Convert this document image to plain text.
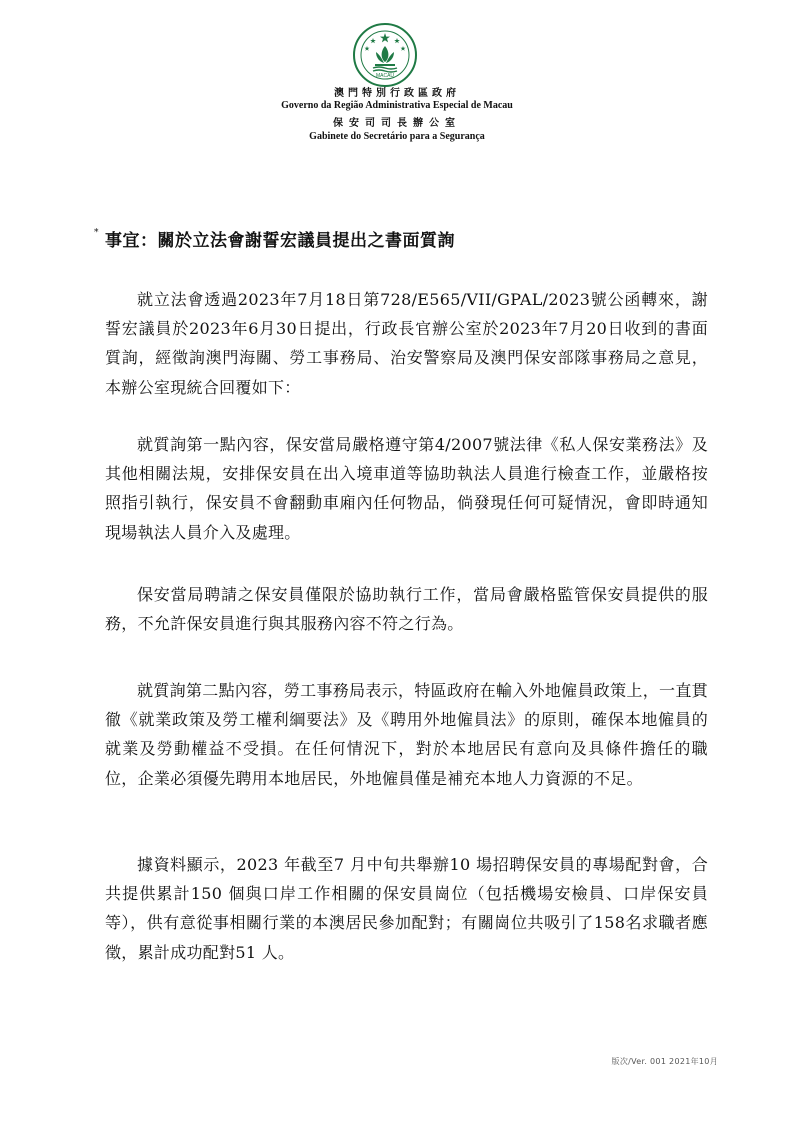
MACAU
澳門特別行政區政府
Governo da Região Administrativa Especial de Macau
保安司司長辦公室
Gabinete do Secretário para a Segurança
* 事宜：關於立法會謝誓宏議員提出之書面質詢

就立法會透過2023年7月18日第728/E565/VII/GPAL/2023號公函轉來，謝誓宏議員於2023年6月30日提出，行政長官辦公室於2023年7月20日收到的書面質詢，經徵詢澳門海關、勞工事務局、治安警察局及澳門保安部隊事務局之意見，本辦公室現統合回覆如下：

就質詢第一點內容，保安當局嚴格遵守第4/2007號法律《私人保安業務法》及其他相關法規，安排保安員在出入境車道等協助執法人員進行檢查工作，並嚴格按照指引執行，保安員不會翻動車廂內任何物品，倘發現任何可疑情況，會即時通知現場執法人員介入及處理。

保安當局聘請之保安員僅限於協助執行工作，當局會嚴格監管保安員提供的服務，不允許保安員進行與其服務內容不符之行為。

就質詢第二點內容，勞工事務局表示，特區政府在輸入外地僱員政策上，一直貫徹《就業政策及勞工權利綱要法》及《聘用外地僱員法》的原則，確保本地僱員的就業及勞動權益不受損。在任何情況下，對於本地居民有意向及具條件擔任的職位，企業必須優先聘用本地居民，外地僱員僅是補充本地人力資源的不足。

據資料顯示，2023 年截至7 月中旬共舉辦10 場招聘保安員的專場配對會，合共提供累計150 個與口岸工作相關的保安員崗位（包括機場安檢員、口岸保安員等），供有意從事相關行業的本澳居民參加配對；有關崗位共吸引了158名求職者應徵，累計成功配對51 人。

版次/Ver. 001 2021年10月
